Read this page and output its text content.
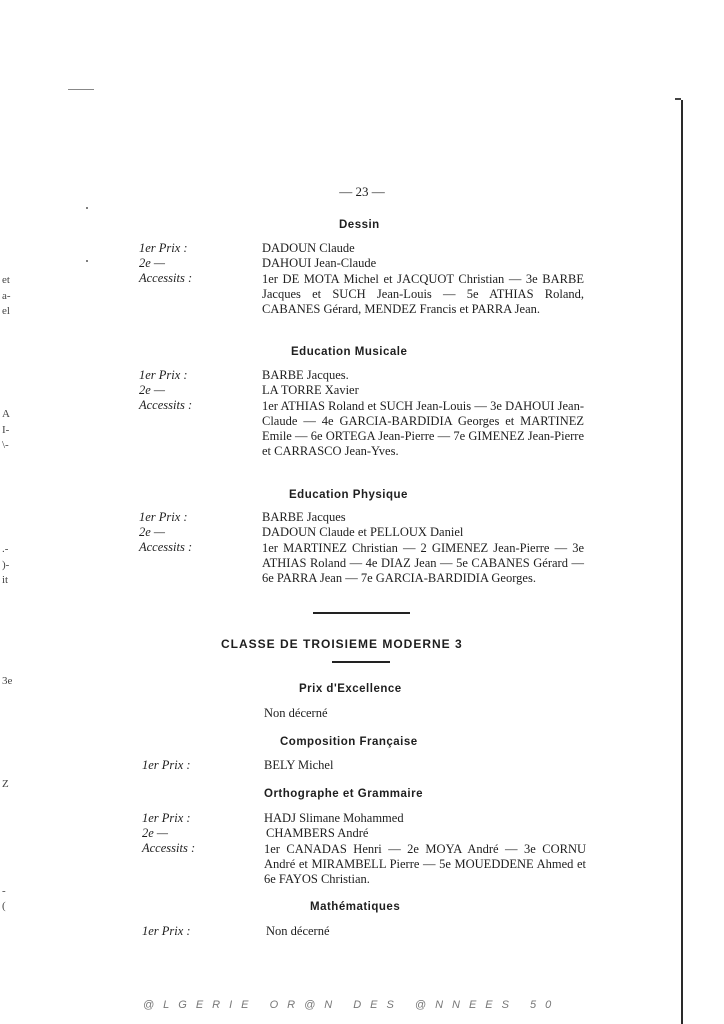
et
a-
el
A
I-
\-
.-
)-
it
3e
Z
-
(
— 23 —
Dessin
1er Prix :	DADOUN Claude
2e —	DAHOUI Jean-Claude
Accessits :	1er DE MOTA Michel et JACQUOT Christian — 3e BARBE Jacques et SUCH Jean-Louis — 5e ATHIAS Roland, CABANES Gérard, MENDEZ Francis et PARRA Jean.

Education Musicale
1er Prix :	BARBE Jacques.
2e —	LA TORRE Xavier
Accessits :	1er ATHIAS Roland et SUCH Jean-Louis — 3e DAHOUI Jean-Claude — 4e GARCIA-BARDIDIA Georges et MARTINEZ Emile — 6e ORTEGA Jean-Pierre — 7e GIMENEZ Jean-Pierre et CARRASCO Jean-Yves.

Education Physique
1er Prix :	BARBE Jacques
2e —	DADOUN Claude et PELLOUX Daniel
Accessits :	1er MARTINEZ Christian — 2 GIMENEZ Jean-Pierre — 3e ATHIAS Roland — 4e DIAZ Jean — 5e CABANES Gérard — 6e PARRA Jean — 7e GARCIA-BARDIDIA Georges.

CLASSE DE TROISIEME MODERNE 3
Prix d'Excellence
Non décerné
Composition Française
1er Prix :	BELY Michel
Orthographe et Grammaire
1er Prix :	HADJ Slimane Mohammed
2e —	CHAMBERS André
Accessits :	1er CANADAS Henri — 2e MOYA André — 3e CORNU André et MIRAMBELL Pierre — 5e MOUEDDENE Ahmed et 6e FAYOS Christian.

Mathématiques
1er Prix :	Non décerné
@LGERIE OR@N DES @NNEES 50
